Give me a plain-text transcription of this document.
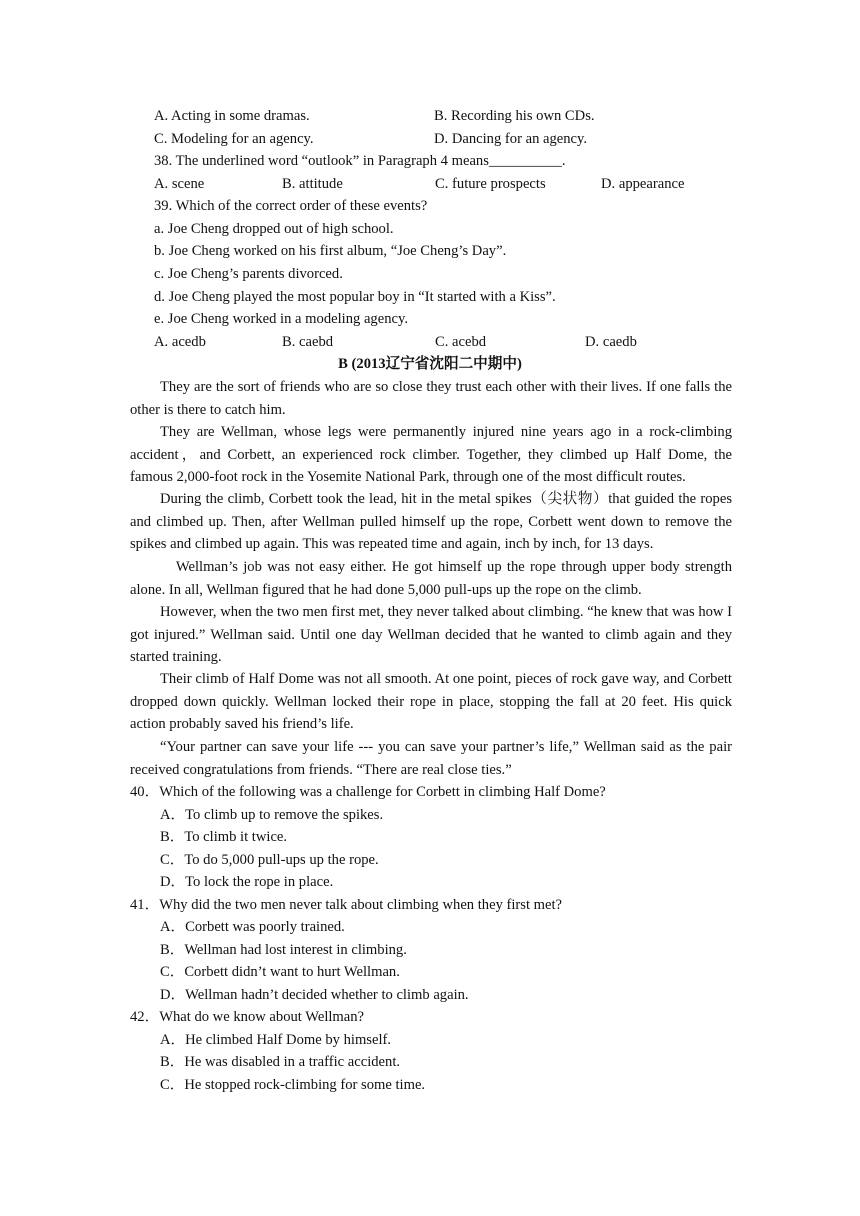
A. Acting in some dramas.	B. Recording his own CDs.
C. Modeling for an agency.	D. Dancing for an agency.
38. The underlined word “outlook” in Paragraph 4 means__________.
A. scene	B. attitude	C. future prospects	D. appearance
39. Which of the correct order of these events?
a. Joe Cheng dropped out of high school.
b. Joe Cheng worked on his first album, “Joe Cheng’s Day”.
c. Joe Cheng’s parents divorced.
d. Joe Cheng played the most popular boy in “It started with a Kiss”.
e. Joe Cheng worked in a modeling agency.
A. acedb	B. caebd	C. acebd	D. caedb
B (2013辽宁省沈阳二中期中)

They are the sort of friends who are so close they trust each other with their lives. If one falls the other is there to catch him.

They are Wellman, whose legs were permanently injured nine years ago in a rock-climbing accident，and Corbett, an experienced rock climber. Together, they climbed up Half Dome, the famous 2,000-foot rock in the Yosemite National Park, through one of the most difficult routes.

During the climb, Corbett took the lead, hit in the metal spikes（尖状物）that guided the ropes and climbed up. Then, after Wellman pulled himself up the rope, Corbett went down to remove the spikes and climbed up again. This was repeated time and again, inch by inch, for 13 days.

Wellman’s job was not easy either. He got himself up the rope through upper body strength alone. In all, Wellman figured that he had done 5,000 pull-ups up the rope on the climb.

However, when the two men first met, they never talked about climbing. “he knew that was how I got injured.” Wellman said. Until one day Wellman decided that he wanted to climb again and they started training.

Their climb of Half Dome was not all smooth. At one point, pieces of rock gave way, and Corbett dropped down quickly. Wellman locked their rope in place, stopping the fall at 20 feet. His quick action probably saved his friend’s life.

“Your partner can save your life --- you can save your partner’s life,” Wellman said as the pair received congratulations from friends. “There are real close ties.”

40．Which of the following was a challenge for Corbett in climbing Half Dome?
A．To climb up to remove the spikes.
B．To climb it twice.
C．To do 5,000 pull-ups up the rope.
D．To lock the rope in place.
41．Why did the two men never talk about climbing when they first met?
A．Corbett was poorly trained.
B．Wellman had lost interest in climbing.
C．Corbett didn’t want to hurt Wellman.
D．Wellman hadn’t decided whether to climb again.
42．What do we know about Wellman?
A．He climbed Half Dome by himself.
B．He was disabled in a traffic accident.
C．He stopped rock-climbing for some time.
